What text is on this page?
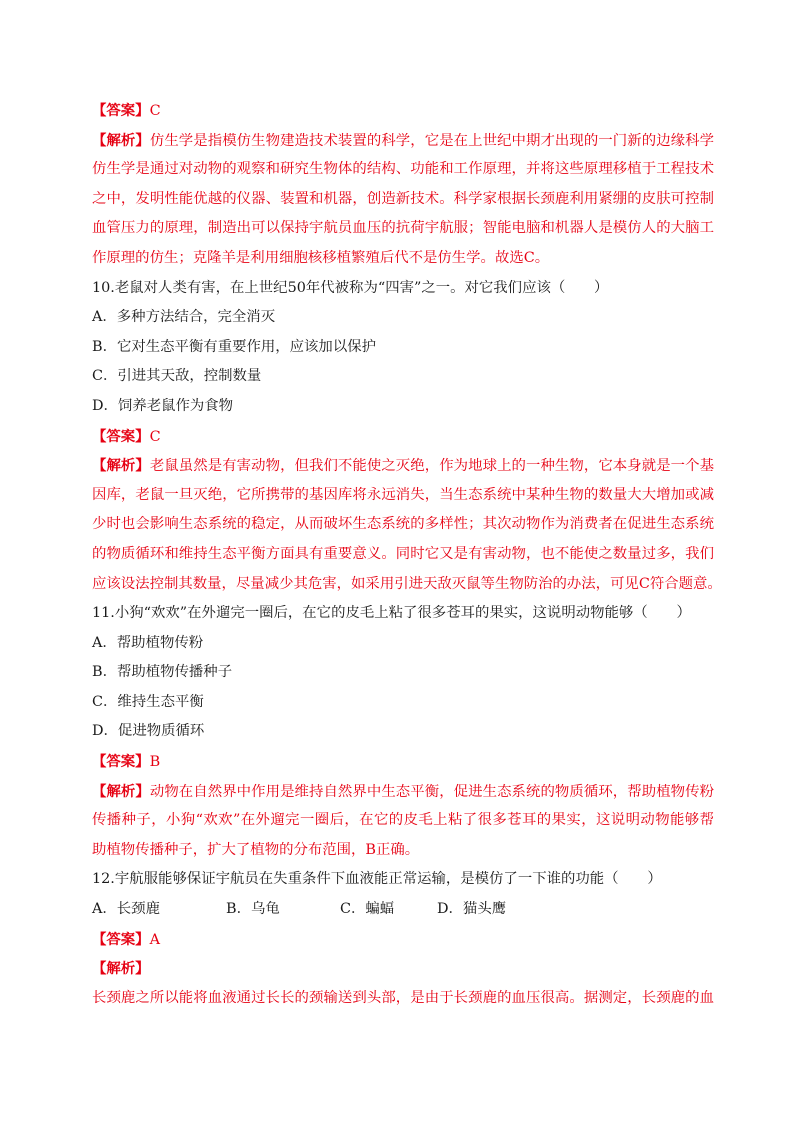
【答案】C
【解析】仿生学是指模仿生物建造技术装置的科学，它是在上世纪中期才出现的一门新的边缘科学
仿生学是通过对动物的观察和研究生物体的结构、功能和工作原理，并将这些原理移植于工程技术
之中，发明性能优越的仪器、装置和机器，创造新技术。科学家根据长颈鹿利用紧绷的皮肤可控制
血管压力的原理，制造出可以保持宇航员血压的抗荷宇航服；智能电脑和机器人是模仿人的大脑工
作原理的仿生；克隆羊是利用细胞核移植繁殖后代不是仿生学。故选C。
10.老鼠对人类有害，在上世纪50年代被称为“四害”之一。对它我们应该（　　）
A．多种方法结合，完全消灭
B．它对生态平衡有重要作用，应该加以保护
C．引进其天敌，控制数量
D．饲养老鼠作为食物
【答案】C
【解析】老鼠虽然是有害动物，但我们不能使之灭绝，作为地球上的一种生物，它本身就是一个基
因库，老鼠一旦灭绝，它所携带的基因库将永远消失，当生态系统中某种生物的数量大大增加或减
少时也会影响生态系统的稳定，从而破坏生态系统的多样性；其次动物作为消费者在促进生态系统
的物质循环和维持生态平衡方面具有重要意义。同时它又是有害动物，也不能使之数量过多，我们
应该设法控制其数量，尽量减少其危害，如采用引进天敌灭鼠等生物防治的办法，可见C符合题意。
11.小狗“欢欢”在外遛完一圈后，在它的皮毛上粘了很多苍耳的果实，这说明动物能够（　　）
A．帮助植物传粉
B．帮助植物传播种子
C．维持生态平衡
D．促进物质循环
【答案】B
【解析】动物在自然界中作用是维持自然界中生态平衡，促进生态系统的物质循环，帮助植物传粉
传播种子，小狗“欢欢”在外遛完一圈后，在它的皮毛上粘了很多苍耳的果实，这说明动物能够帮
助植物传播种子，扩大了植物的分布范围，B正确。
12.宇航服能够保证宇航员在失重条件下血液能正常运输，是模仿了一下谁的功能（　　）
A．长颈鹿	B．乌龟	C．蝙蝠	D．猫头鹰
【答案】A
【解析】
长颈鹿之所以能将血液通过长长的颈输送到头部，是由于长颈鹿的血压很高。据测定，长颈鹿的血
